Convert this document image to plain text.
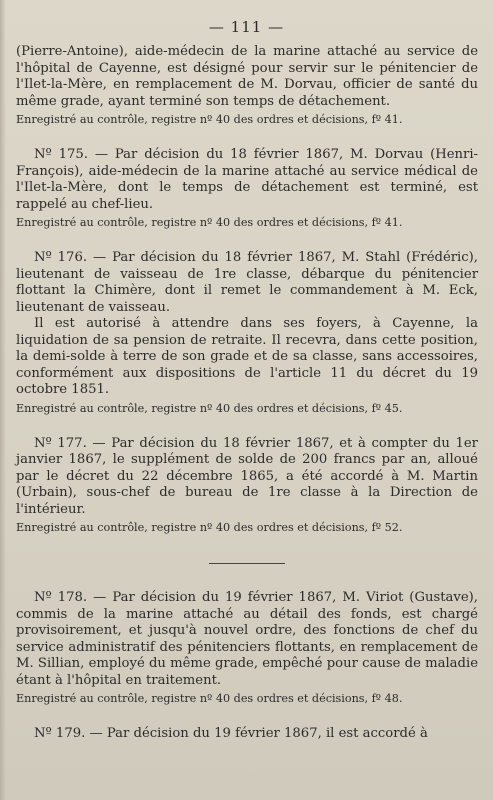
— 111 —

(Pierre-Antoine), aide-médecin de la marine attaché au service de l'hôpital de Cayenne, est désigné pour servir sur le pénitencier de l'Ilet-la-Mère, en remplacement de M. Dorvau, officier de santé du même grade, ayant terminé son temps de détachement.

Enregistré au contrôle, registre nº 40 des ordres et décisions, fº 41.

Nº 175. — Par décision du 18 février 1867, M. Dorvau (Henri-François), aide-médecin de la marine attaché au service médical de l'Ilet-la-Mère, dont le temps de détachement est terminé, est rappelé au chef-lieu.

Enregistré au contrôle, registre nº 40 des ordres et décisions, fº 41.

Nº 176. — Par décision du 18 février 1867, M. Stahl (Frédéric), lieutenant de vaisseau de 1re classe, débarque du pénitencier flottant la Chimère, dont il remet le commandement à M. Eck, lieutenant de vaisseau.

Il est autorisé à attendre dans ses foyers, à Cayenne, la liquidation de sa pension de retraite. Il recevra, dans cette position, la demi-solde à terre de son grade et de sa classe, sans accessoires, conformément aux dispositions de l'article 11 du décret du 19 octobre 1851.

Enregistré au contrôle, registre nº 40 des ordres et décisions, fº 45.

Nº 177. — Par décision du 18 février 1867, et à compter du 1er janvier 1867, le supplément de solde de 200 francs par an, alloué par le décret du 22 décembre 1865, a été accordé à M. Martin (Urbain), sous-chef de bureau de 1re classe à la Direction de l'intérieur.

Enregistré au contrôle, registre nº 40 des ordres et décisions, fº 52.

Nº 178. — Par décision du 19 février 1867, M. Viriot (Gustave), commis de la marine attaché au détail des fonds, est chargé provisoirement, et jusqu'à nouvel ordre, des fonctions de chef du service administratif des pénitenciers flottants, en remplacement de M. Sillian, employé du même grade, empêché pour cause de maladie étant à l'hôpital en traitement.

Enregistré au contrôle, registre nº 40 des ordres et décisions, fº 48.

Nº 179. — Par décision du 19 février 1867, il est accordé à
